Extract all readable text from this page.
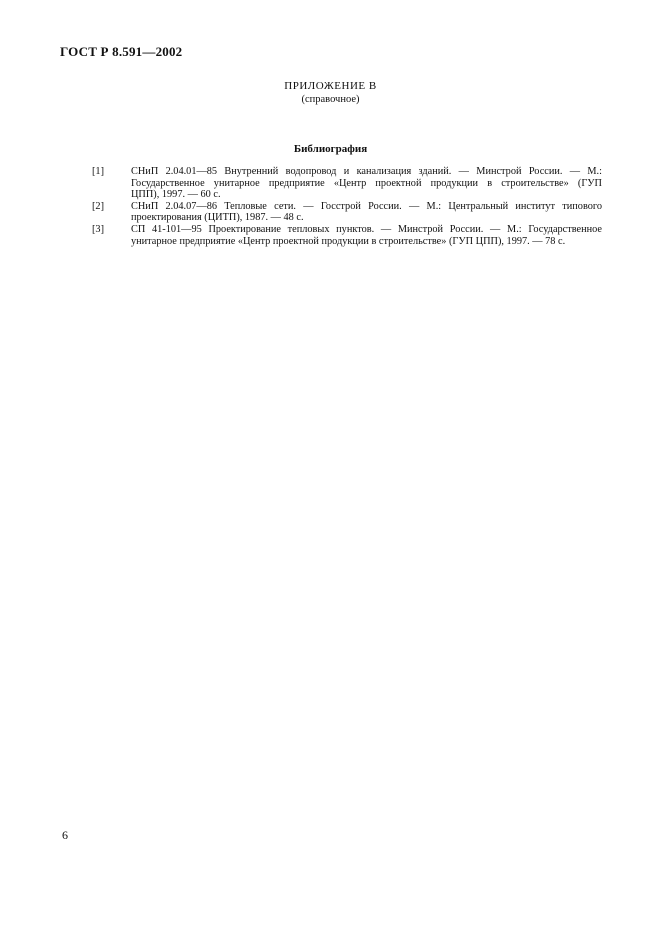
ГОСТ Р 8.591—2002
ПРИЛОЖЕНИЕ В
(справочное)
Библиография
[1]	СНиП 2.04.01—85 Внутренний водопровод и канализация зданий. — Минстрой России. — М.:
Государственное унитарное предприятие «Центр проектной продукции в строительстве» (ГУП
ЦПП), 1997. — 60 с.
[2]	СНиП 2.04.07—86 Тепловые сети. — Госстрой России. — М.: Центральный институт типового
проектирования (ЦИТП), 1987. — 48 с.
[3]	СП 41-101—95 Проектирование тепловых пунктов. — Минстрой России. — М.: Государственное
унитарное предприятие «Центр проектной продукции в строительстве» (ГУП ЦПП), 1997. — 78 с.
6
